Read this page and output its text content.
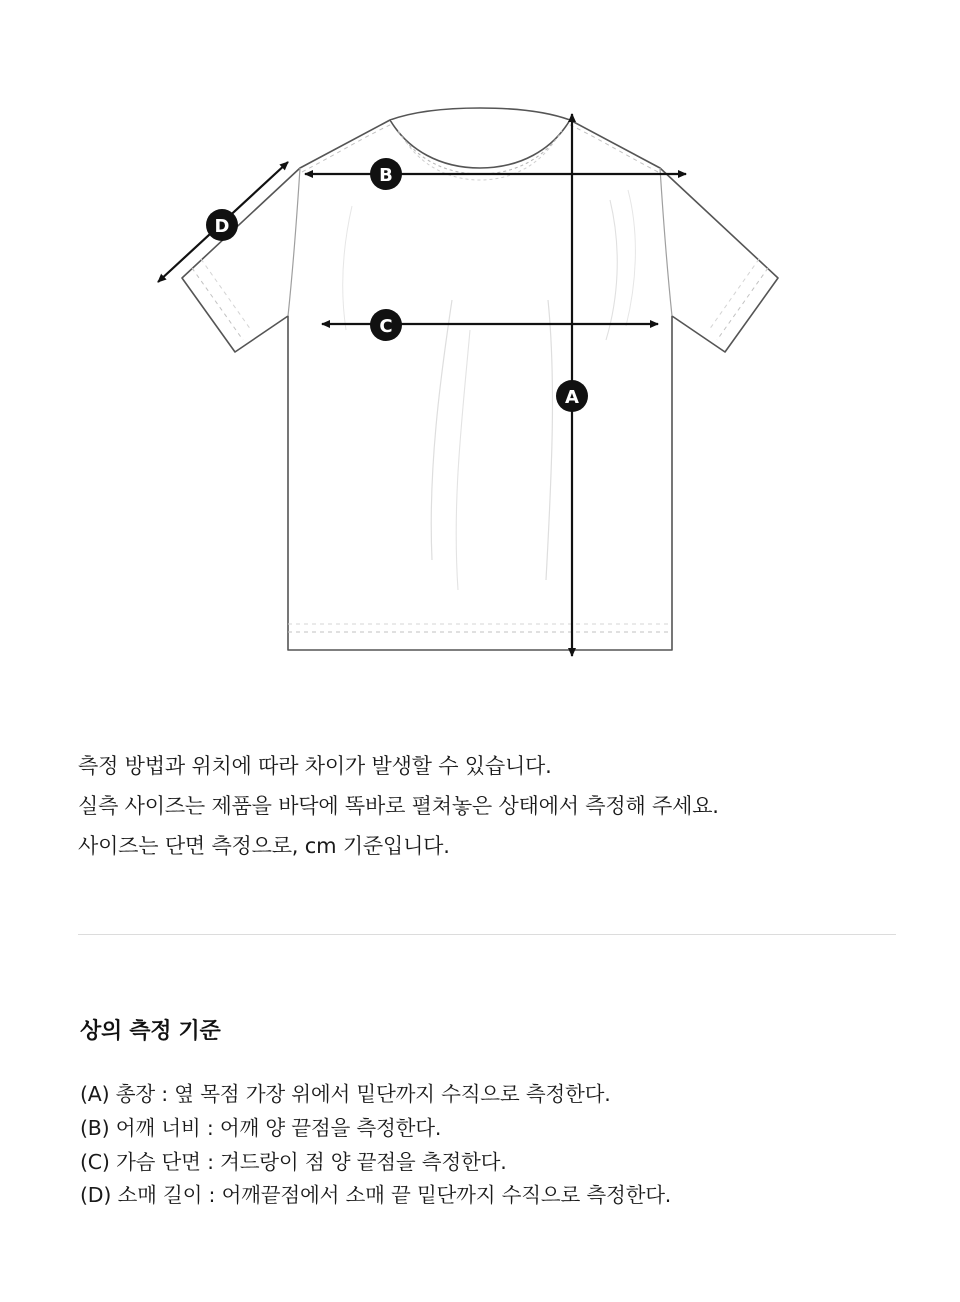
A
B
C
D

측정 방법과 위치에 따라 차이가 발생할 수 있습니다.

실측 사이즈는 제품을 바닥에 똑바로 펼쳐놓은 상태에서 측정해 주세요.

사이즈는 단면 측정으로, cm 기준입니다.

상의 측정 기준
(A) 총장 : 옆 목점 가장 위에서 밑단까지 수직으로 측정한다.
(B) 어깨 너비 : 어깨 양 끝점을 측정한다.
(C) 가슴 단면 : 겨드랑이 점 양 끝점을 측정한다.
(D) 소매 길이 : 어깨끝점에서 소매 끝 밑단까지 수직으로 측정한다.
